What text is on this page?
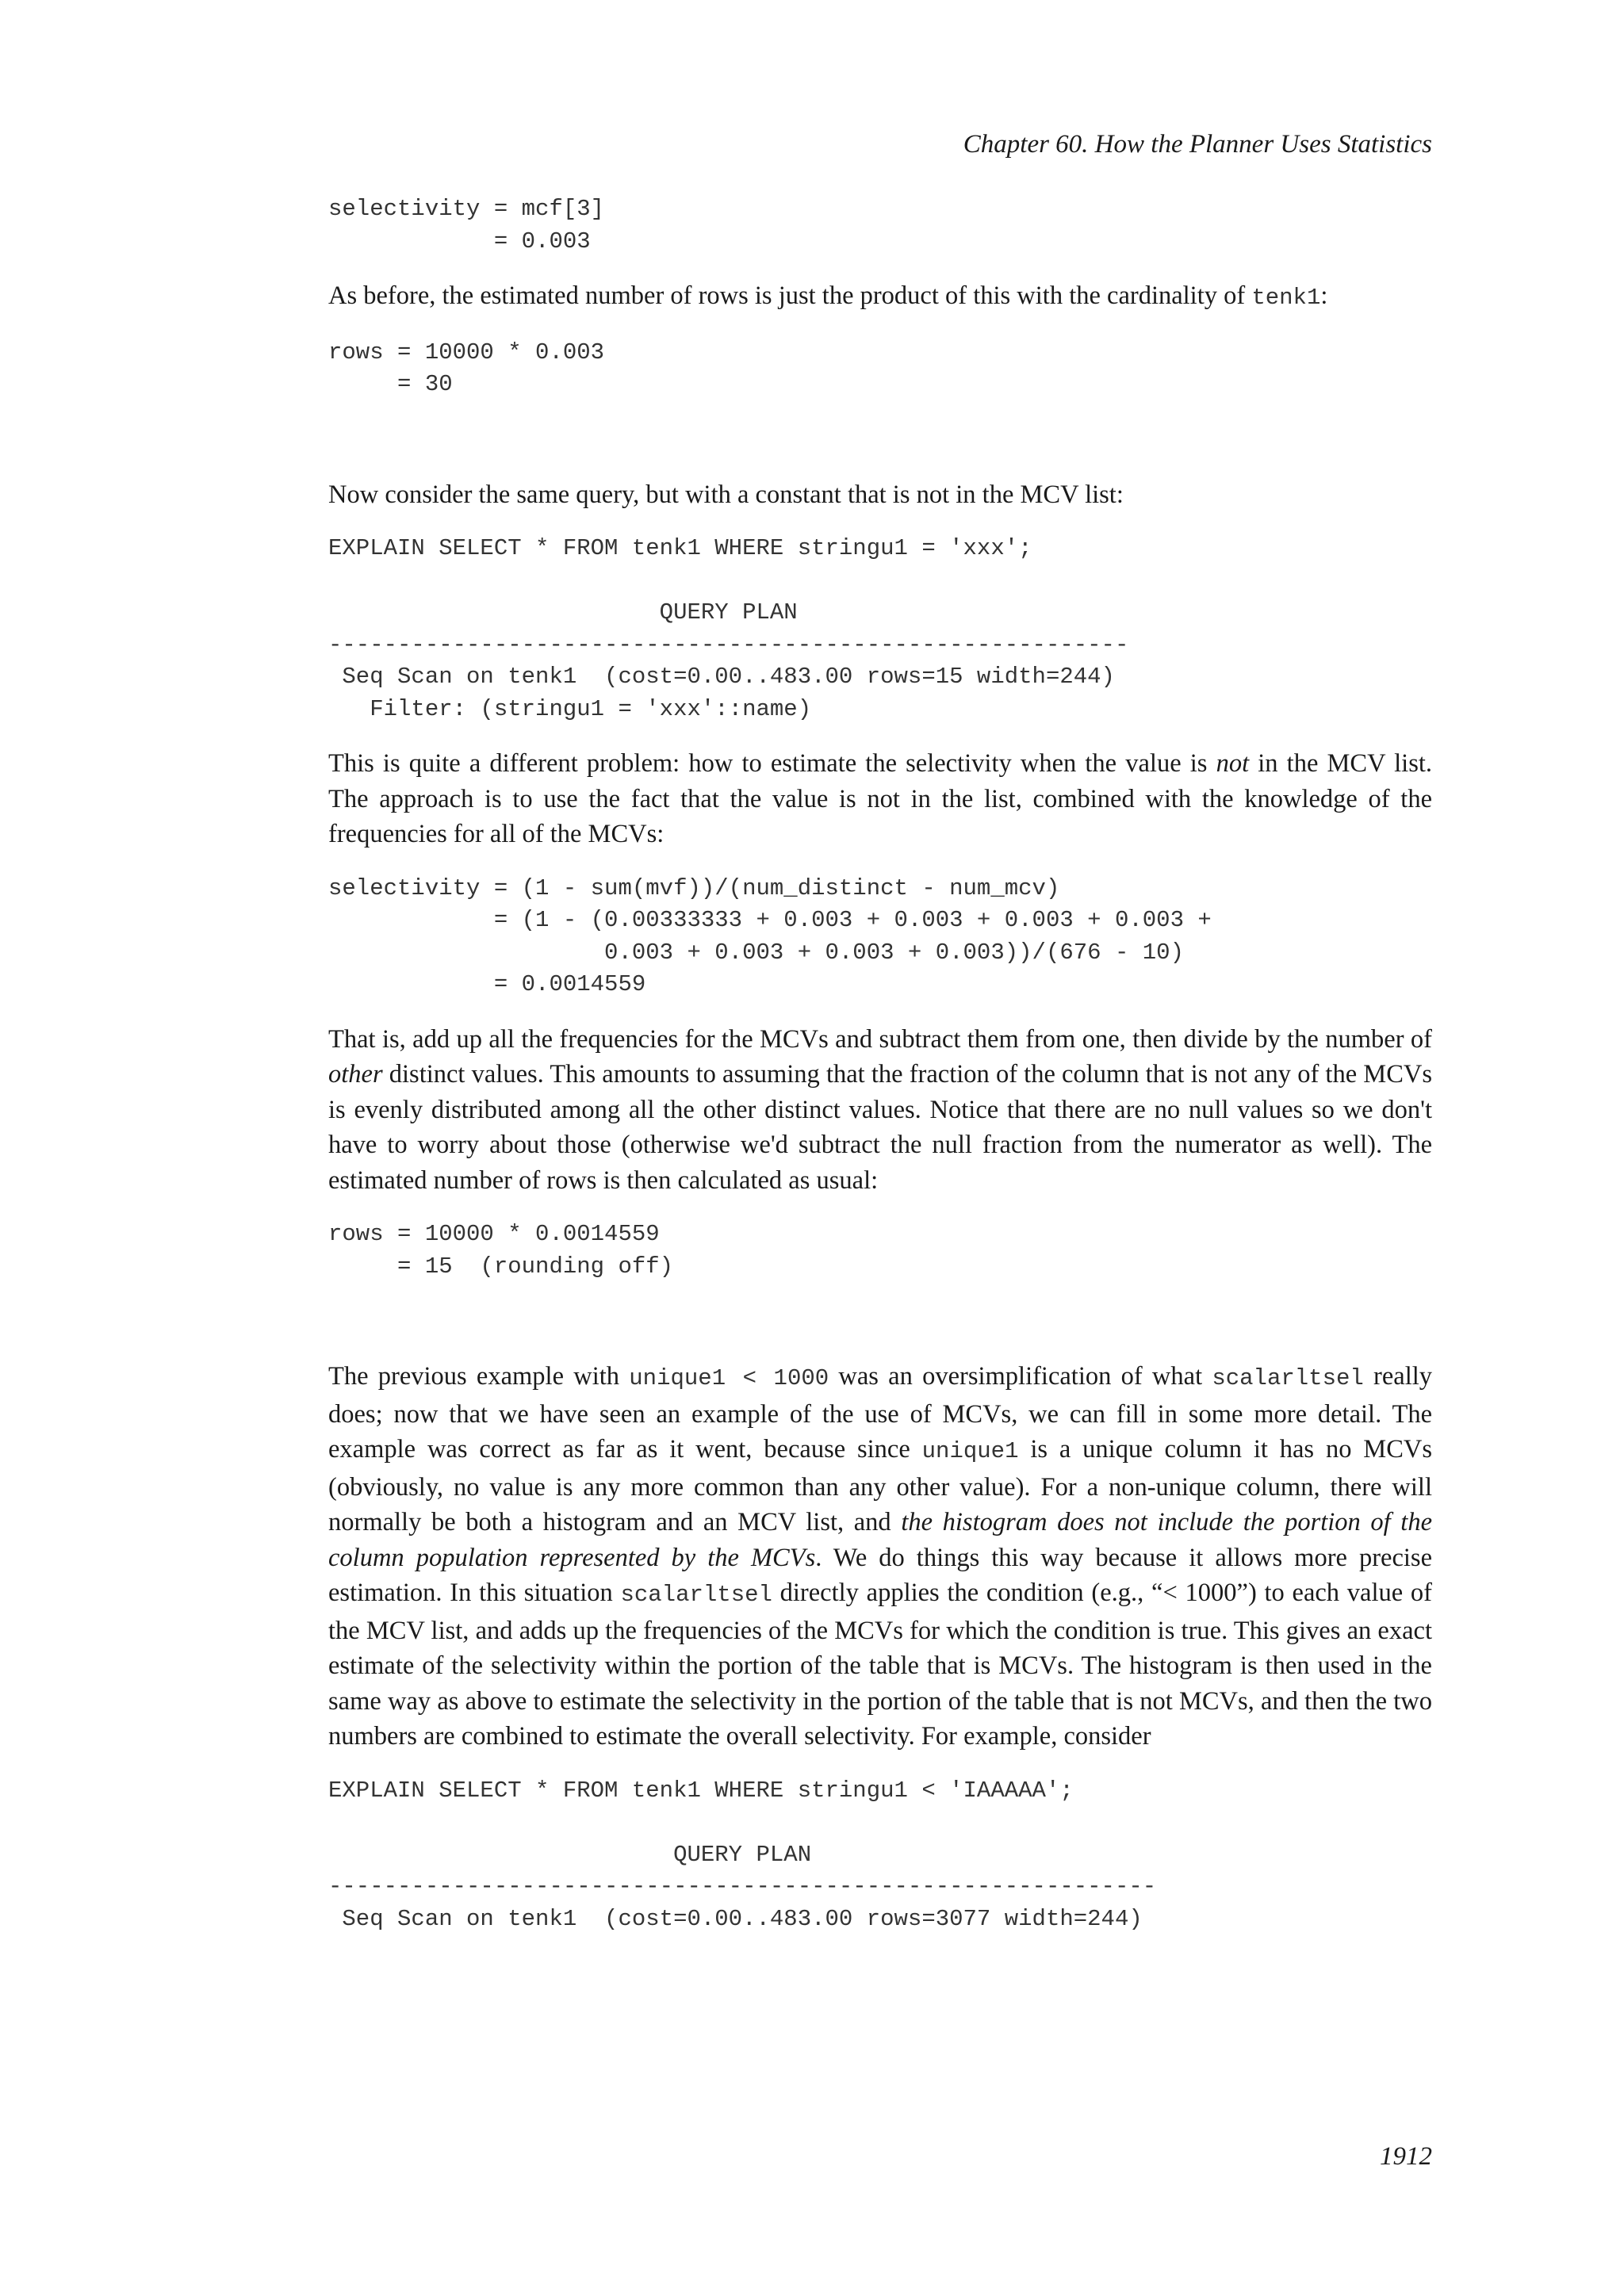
Chapter 60. How the Planner Uses Statistics
selectivity = mcf[3]
= 0.003

As before, the estimated number of rows is just the product of this with the cardinality of tenk1:

rows = 10000 * 0.003
= 30

Now consider the same query, but with a constant that is not in the MCV list:

EXPLAIN SELECT * FROM tenk1 WHERE stringu1 = 'xxx';

QUERY PLAN
----------------------------------------------------------
Seq Scan on tenk1  (cost=0.00..483.00 rows=15 width=244)
Filter: (stringu1 = 'xxx'::name)

This is quite a different problem: how to estimate the selectivity when the value is not in the MCV list. The approach is to use the fact that the value is not in the list, combined with the knowledge of the frequencies for all of the MCVs:

selectivity = (1 - sum(mvf))/(num_distinct - num_mcv)
= (1 - (0.00333333 + 0.003 + 0.003 + 0.003 + 0.003 +
0.003 + 0.003 + 0.003 + 0.003))/(676 - 10)
= 0.0014559

That is, add up all the frequencies for the MCVs and subtract them from one, then divide by the number of other distinct values. This amounts to assuming that the fraction of the column that is not any of the MCVs is evenly distributed among all the other distinct values. Notice that there are no null values so we don't have to worry about those (otherwise we'd subtract the null fraction from the numerator as well). The estimated number of rows is then calculated as usual:

rows = 10000 * 0.0014559
= 15  (rounding off)

The previous example with unique1 < 1000 was an oversimplification of what scalarltsel really does; now that we have seen an example of the use of MCVs, we can fill in some more detail. The example was correct as far as it went, because since unique1 is a unique column it has no MCVs (obviously, no value is any more common than any other value). For a non-unique column, there will normally be both a histogram and an MCV list, and the histogram does not include the portion of the column population represented by the MCVs. We do things this way because it allows more precise estimation. In this situation scalarltsel directly applies the condition (e.g., “< 1000”) to each value of the MCV list, and adds up the frequencies of the MCVs for which the condition is true. This gives an exact estimate of the selectivity within the portion of the table that is MCVs. The histogram is then used in the same way as above to estimate the selectivity in the portion of the table that is not MCVs, and then the two numbers are combined to estimate the overall selectivity. For example, consider

EXPLAIN SELECT * FROM tenk1 WHERE stringu1 < 'IAAAAA';

QUERY PLAN
------------------------------------------------------------
Seq Scan on tenk1  (cost=0.00..483.00 rows=3077 width=244)
1912
